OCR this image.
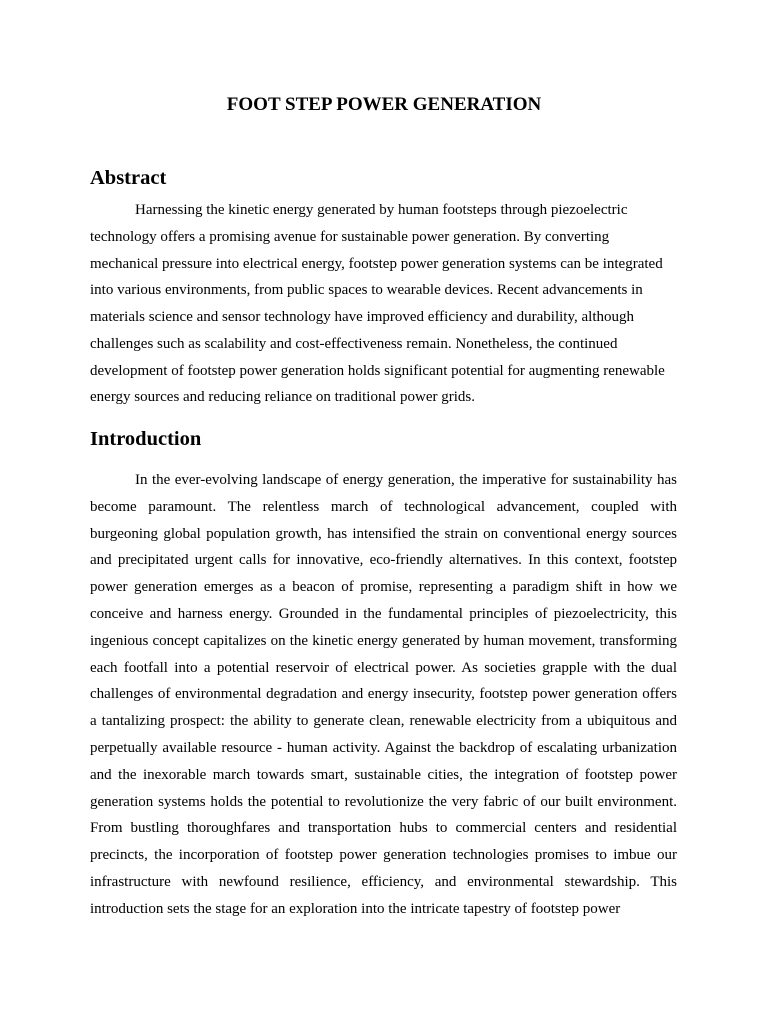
FOOT STEP POWER GENERATION
Abstract

Harnessing the kinetic energy generated by human footsteps through piezoelectric technology offers a promising avenue for sustainable power generation. By converting mechanical pressure into electrical energy, footstep power generation systems can be integrated into various environments, from public spaces to wearable devices. Recent advancements in materials science and sensor technology have improved efficiency and durability, although challenges such as scalability and cost-effectiveness remain. Nonetheless, the continued development of footstep power generation holds significant potential for augmenting renewable energy sources and reducing reliance on traditional power grids.

Introduction

In the ever-evolving landscape of energy generation, the imperative for sustainability has become paramount. The relentless march of technological advancement, coupled with burgeoning global population growth, has intensified the strain on conventional energy sources and precipitated urgent calls for innovative, eco-friendly alternatives. In this context, footstep power generation emerges as a beacon of promise, representing a paradigm shift in how we conceive and harness energy. Grounded in the fundamental principles of piezoelectricity, this ingenious concept capitalizes on the kinetic energy generated by human movement, transforming each footfall into a potential reservoir of electrical power. As societies grapple with the dual challenges of environmental degradation and energy insecurity, footstep power generation offers a tantalizing prospect: the ability to generate clean, renewable electricity from a ubiquitous and perpetually available resource - human activity. Against the backdrop of escalating urbanization and the inexorable march towards smart, sustainable cities, the integration of footstep power generation systems holds the potential to revolutionize the very fabric of our built environment. From bustling thoroughfares and transportation hubs to commercial centers and residential precincts, the incorporation of footstep power generation technologies promises to imbue our infrastructure with newfound resilience, efficiency, and environmental stewardship. This introduction sets the stage for an exploration into the intricate tapestry of footstep power
